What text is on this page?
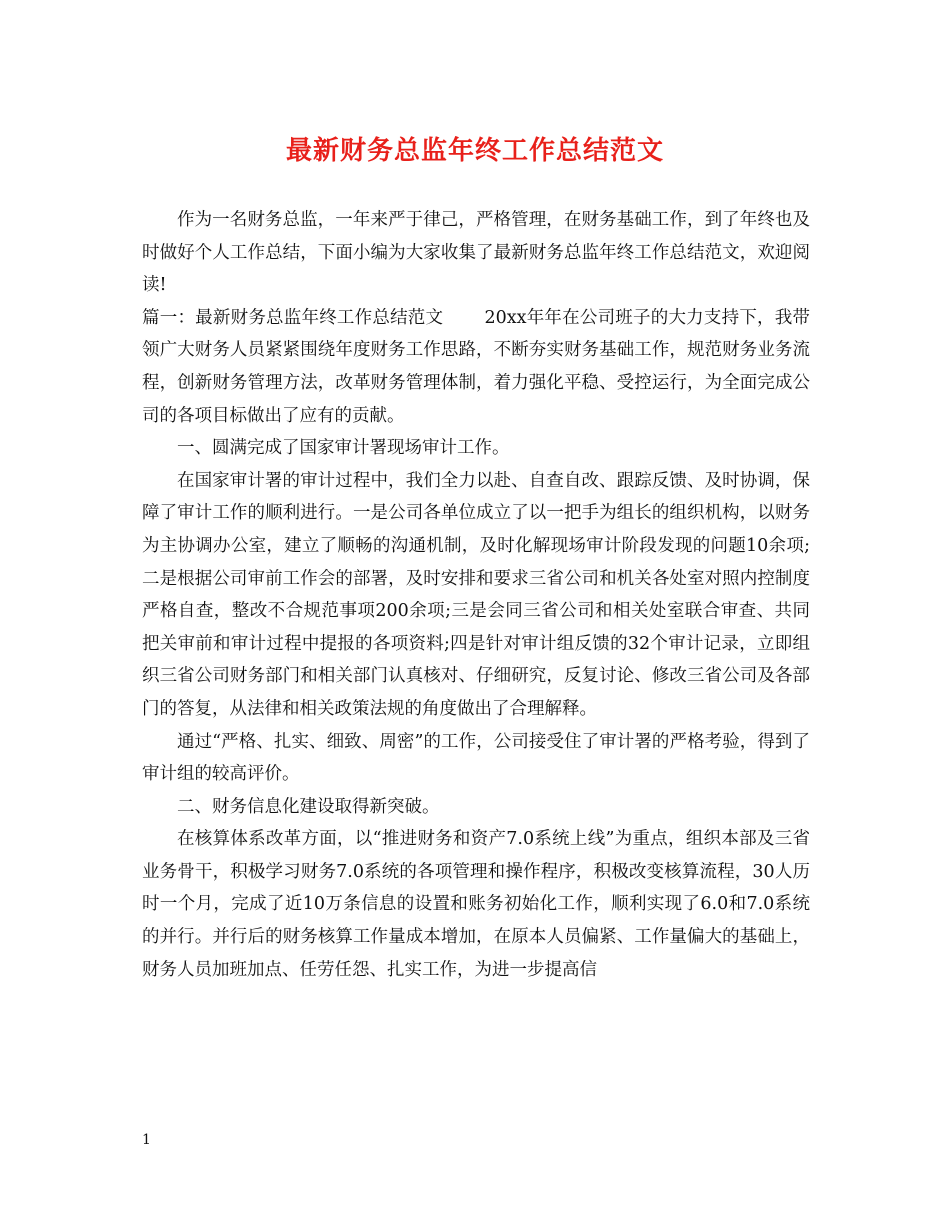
最新财务总监年终工作总结范文

作为一名财务总监，一年来严于律己，严格管理，在财务基础工作，到了年终也及时做好个人工作总结，下面小编为大家收集了最新财务总监年终工作总结范文，欢迎阅读!

篇一：最新财务总监年终工作总结范文　　 20xx年年在公司班子的大力支持下，我带领广大财务人员紧紧围绕年度财务工作思路，不断夯实财务基础工作，规范财务业务流程，创新财务管理方法，改革财务管理体制，着力强化平稳、受控运行，为全面完成公司的各项目标做出了应有的贡献。

一、圆满完成了国家审计署现场审计工作。

在国家审计署的审计过程中，我们全力以赴、自查自改、跟踪反馈、及时协调，保障了审计工作的顺利进行。一是公司各单位成立了以一把手为组长的组织机构，以财务为主协调办公室，建立了顺畅的沟通机制，及时化解现场审计阶段发现的问题10余项;二是根据公司审前工作会的部署，及时安排和要求三省公司和机关各处室对照内控制度严格自查，整改不合规范事项200余项;三是会同三省公司和相关处室联合审查、共同把关审前和审计过程中提报的各项资料;四是针对审计组反馈的32个审计记录，立即组织三省公司财务部门和相关部门认真核对、仔细研究，反复讨论、修改三省公司及各部门的答复，从法律和相关政策法规的角度做出了合理解释。

通过“严格、扎实、细致、周密”的工作，公司接受住了审计署的严格考验，得到了审计组的较高评价。

二、财务信息化建设取得新突破。

在核算体系改革方面，以“推进财务和资产7.0系统上线”为重点，组织本部及三省业务骨干，积极学习财务7.0系统的各项管理和操作程序，积极改变核算流程，30人历时一个月，完成了近10万条信息的设置和账务初始化工作，顺利实现了6.0和7.0系统的并行。并行后的财务核算工作量成本增加，在原本人员偏紧、工作量偏大的基础上，财务人员加班加点、任劳任怨、扎实工作，为进一步提高信

1
